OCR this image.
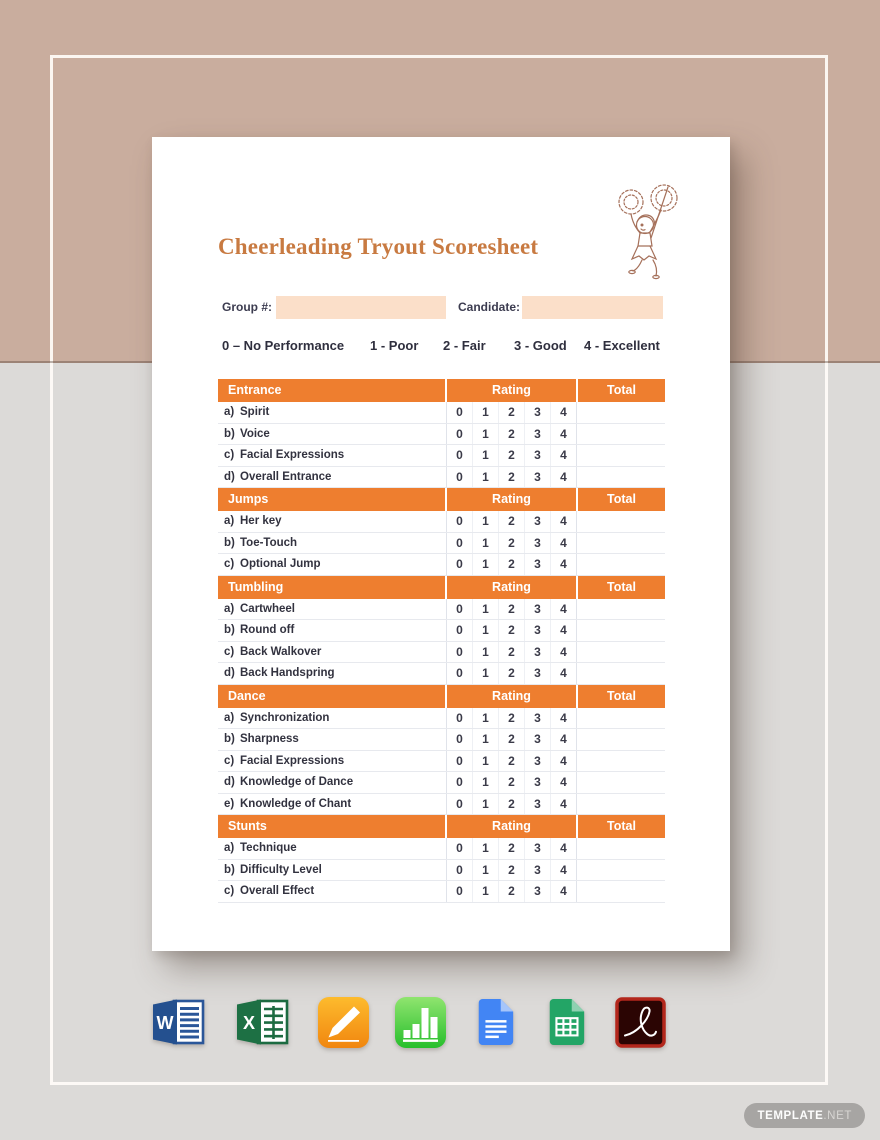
Cheerleading Tryout Scoresheet
Group #:	Candidate:
0 – No Performance 1 - Poor 2 - Fair 3 - Good 4 - Excellent
Entrance	Rating	Total
a) Spirit	0	1	2	3	4
b) Voice	0	1	2	3	4
c) Facial Expressions	0	1	2	3	4
d) Overall Entrance	0	1	2	3	4
Jumps	Rating	Total
a) Her key	0	1	2	3	4
b) Toe-Touch	0	1	2	3	4
c) Optional Jump	0	1	2	3	4
Tumbling	Rating	Total
a) Cartwheel	0	1	2	3	4
b) Round off	0	1	2	3	4
c) Back Walkover	0	1	2	3	4
d) Back Handspring	0	1	2	3	4
Dance	Rating	Total
a) Synchronization	0	1	2	3	4
b) Sharpness	0	1	2	3	4
c) Facial Expressions	0	1	2	3	4
d) Knowledge of Dance	0	1	2	3	4
e) Knowledge of Chant	0	1	2	3	4
Stunts	Rating	Total
a) Technique	0	1	2	3	4
b) Difficulty Level	0	1	2	3	4
c) Overall Effect	0	1	2	3	4
W	X
TEMPLATE .NET
